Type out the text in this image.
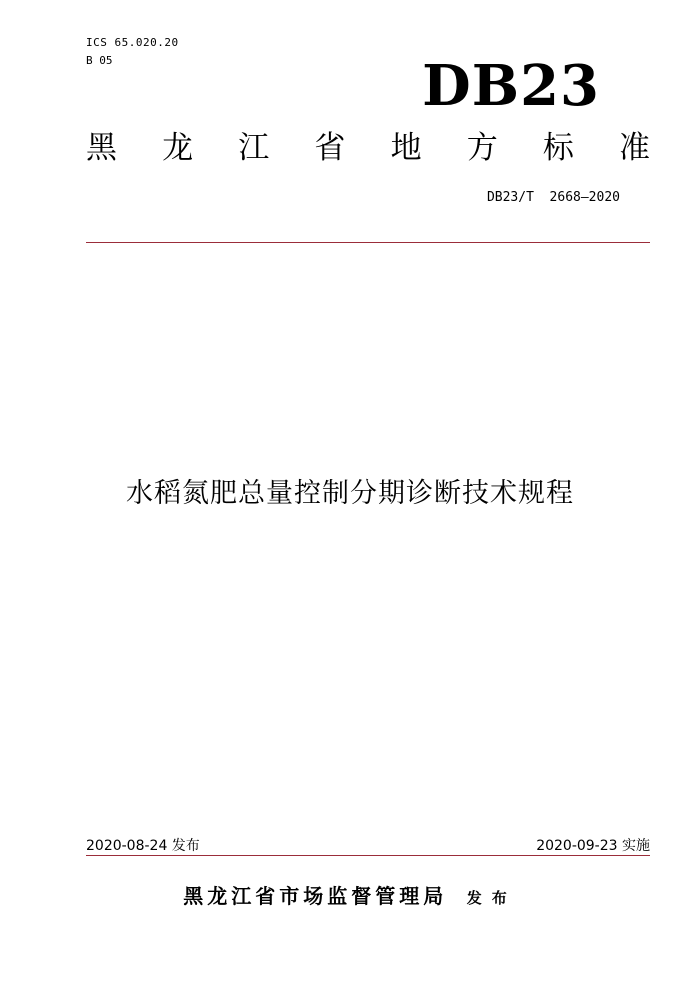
ICS 65.020.20
B 05	DB23
黑 龙 江 省 地 方 标 准
DB23/T  2668—2020
水稻氮肥总量控制分期诊断技术规程
2020-08-24 发布	2020-09-23 实施
黑龙江省市场监督管理局 发布
